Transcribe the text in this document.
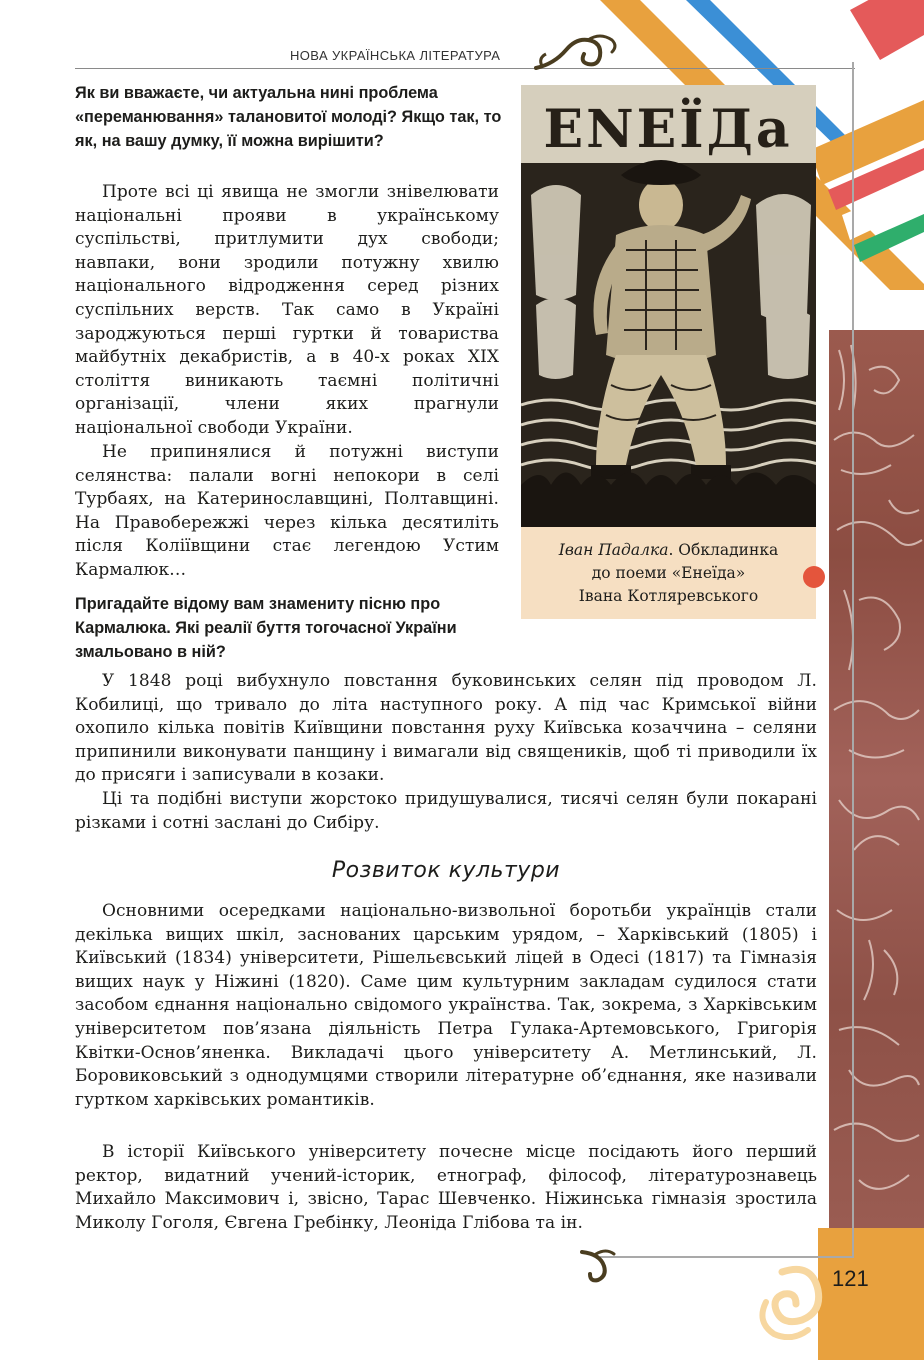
НОВА УКРАЇНСЬКА ЛІТЕРАТУРА
121
Як ви вважаєте, чи актуальна нині проблема «переманювання» талановитої молоді? Якщо так, то як, на вашу думку, її можна вирішити?

Проте всі ці явища не змогли знівелювати національні прояви в українському суспільстві, притлумити дух свободи; навпаки, вони зродили потужну хвилю національного відродження серед різних суспільних верств. Так само в Україні зароджуються перші гуртки й товариства майбутніх декабристів, а в 40-х роках XIX століття виникають таємні політичні організації, члени яких прагнули національної свободи України.

Не припинялися й потужні виступи селянства: палали вогні непокори в селі Турбаях, на Катеринославщині, Полтавщині. На Правобережжі через кілька десятиліть після Коліївщини стає легендою Устим Кармалюк…

Пригадайте відому вам знамениту пісню про Кармалюка. Які реалії буття тогочасної України змальовано в ній?
ЕNЕЇДа
Іван Падалка. Обкладинка
до поеми «Енеїда»
Івана Котляревського

У 1848 році вибухнуло повстання буковинських селян під проводом Л. Кобилиці, що тривало до літа наступного року. А під час Кримської війни охопило кілька повітів Київщини повстання руху Київська козаччина – селяни припинили виконувати панщину і вимагали від священиків, щоб ті приводили їх до присяги і записували в козаки.

Ці та подібні виступи жорстоко придушувалися, тисячі селян були покарані різками і сотні заслані до Сибіру.

Розвиток культури

Основними осередками національно-визвольної боротьби українців стали декілька вищих шкіл, заснованих царським урядом, – Харківський (1805) і Київський (1834) університети, Рішельєвський ліцей в Одесі (1817) та Гімназія вищих наук у Ніжині (1820). Саме цим культурним закладам судилося стати засобом єднання національно свідомого українства. Так, зокрема, з Харківським університетом пов’язана діяльність Петра Гулака-Артемовського, Григорія Квітки-Основ’яненка. Викладачі цього університету А. Метлинський, Л. Боровиковський з однодумцями створили літературне об’єднання, яке називали гуртком харківських романтиків.

В історії Київського університету почесне місце посідають його перший ректор, видатний учений-історик, етнограф, філософ, літературознавець Михайло Максимович і, звісно, Тарас Шевченко. Ніжинська гімназія зростила Миколу Гоголя, Євгена Гребінку, Леоніда Глібова та ін.
